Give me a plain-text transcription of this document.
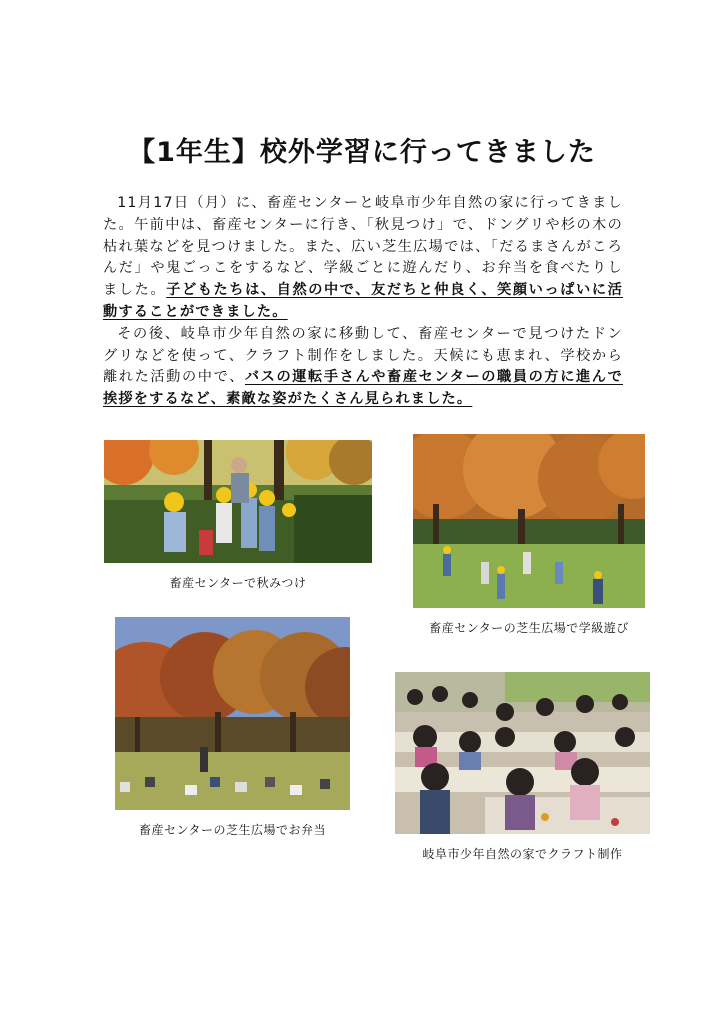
【1年生】校外学習に行ってきました

11月17日（月）に、畜産センターと岐阜市少年自然の家に行ってきました。午前中は、畜産センターに行き、「秋見つけ」で、ドングリや杉の木の枯れ葉などを見つけました。また、広い芝生広場では、「だるまさんがころんだ」や鬼ごっこをするなど、学級ごとに遊んだり、お弁当を食べたりしました。子どもたちは、自然の中で、友だちと仲良く、笑顔いっぱいに活動することができました。

その後、岐阜市少年自然の家に移動して、畜産センターで見つけたドングリなどを使って、クラフト制作をしました。天候にも恵まれ、学校から離れた活動の中で、バスの運転手さんや畜産センターの職員の方に進んで挨拶をするなど、素敵な姿がたくさん見られました。

畜産センターで秋みつけ
畜産センターの芝生広場で学級遊び
畜産センターの芝生広場でお弁当
岐阜市少年自然の家でクラフト制作
